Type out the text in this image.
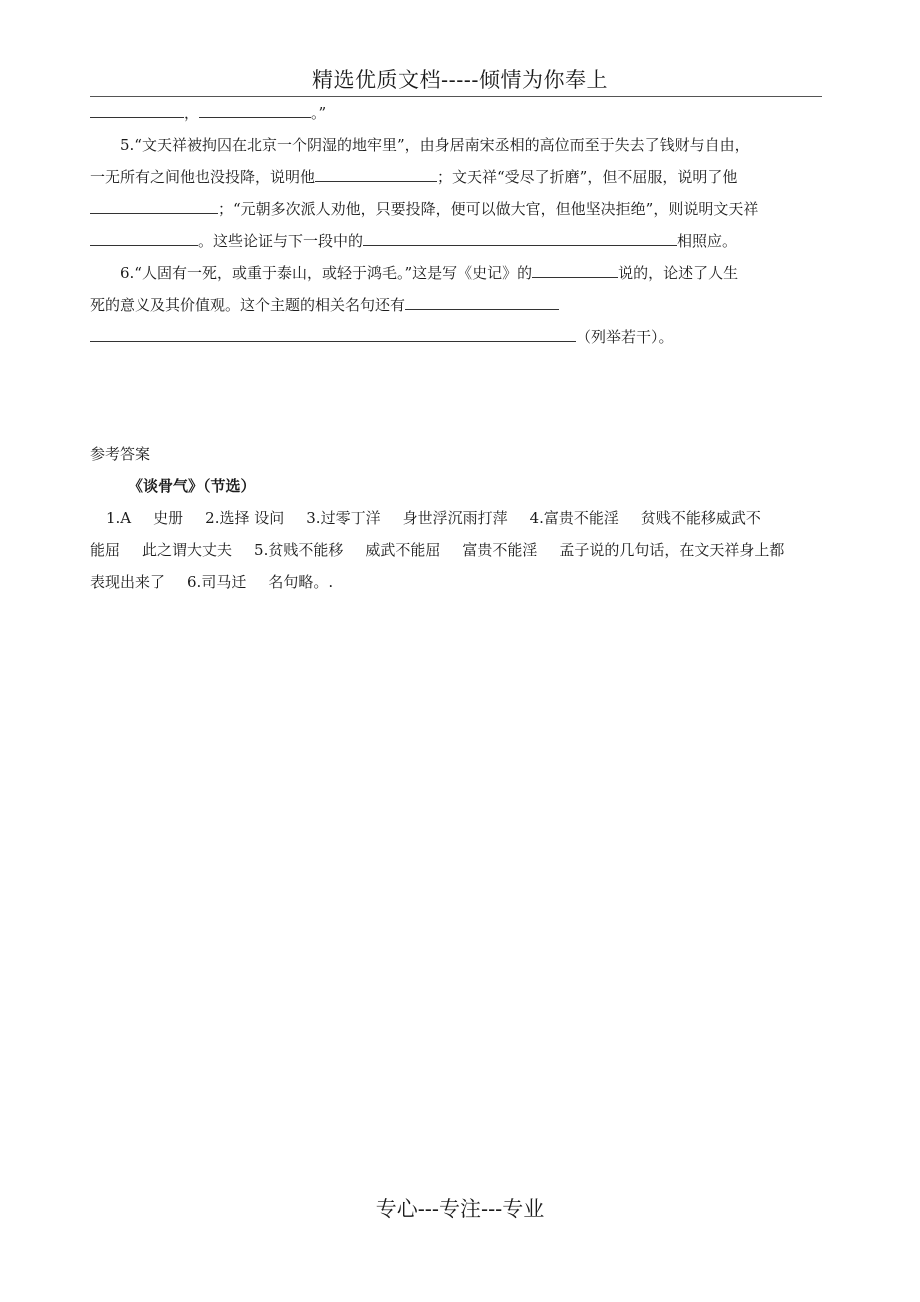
精选优质文档-----倾情为你奉上
，	。”
5.“文天祥被拘囚在北京一个阴湿的地牢里”，由身居南宋丞相的高位而至于失去了钱财与自由，
一无所有之间他也没投降，说明他	；文天祥“受尽了折磨”，但不屈服，说明了他
；“元朝多次派人劝他，只要投降，便可以做大官，但他坚决拒绝”，则说明文天祥
。这些论证与下一段中的	相照应。
6.“人固有一死，或重于泰山，或轻于鸿毛。”这是写《史记》的	说的，论述了人生
死的意义及其价值观。这个主题的相关名句还有
（列举若干）。
参考答案
《谈骨气》（节选）
1.A 史册 2.选择 设问 3.过零丁洋 身世浮沉雨打萍 4.富贵不能淫 贫贱不能移威武不
能屈 此之谓大丈夫 5.贫贱不能移 威武不能屈 富贵不能淫 孟子说的几句话，在文天祥身上都
表现出来了 6.司马迁 名句略。.
专心---专注---专业
